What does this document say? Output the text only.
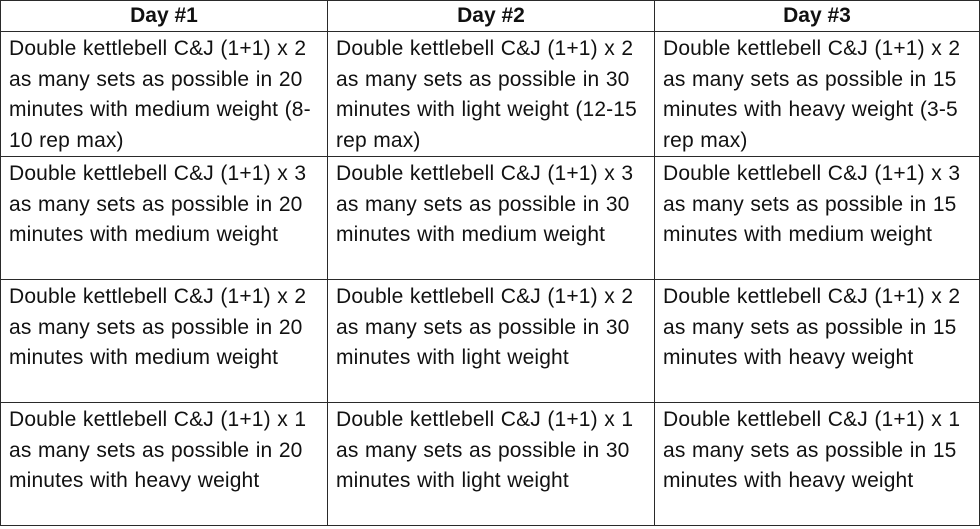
Day #1	Day #2	Day #3
Double kettlebell C&J (1+1) x 2 as many sets as possible in 20 minutes with medium weight (8-10 rep max)	Double kettlebell C&J (1+1) x 2 as many sets as possible in 30 minutes with light weight (12-15 rep max)	Double kettlebell C&J (1+1) x 2 as many sets as possible in 15 minutes with heavy weight (3-5 rep max)
Double kettlebell C&J (1+1) x 3 as many sets as possible in 20 minutes with medium weight	Double kettlebell C&J (1+1) x 3 as many sets as possible in 30 minutes with medium weight	Double kettlebell C&J (1+1) x 3 as many sets as possible in 15 minutes with medium weight
Double kettlebell C&J (1+1) x 2 as many sets as possible in 20 minutes with medium weight	Double kettlebell C&J (1+1) x 2 as many sets as possible in 30 minutes with light weight	Double kettlebell C&J (1+1) x 2 as many sets as possible in 15 minutes with heavy weight
Double kettlebell C&J (1+1) x 1 as many sets as possible in 20 minutes with heavy weight	Double kettlebell C&J (1+1) x 1 as many sets as possible in 30 minutes with light weight	Double kettlebell C&J (1+1) x 1 as many sets as possible in 15 minutes with heavy weight
